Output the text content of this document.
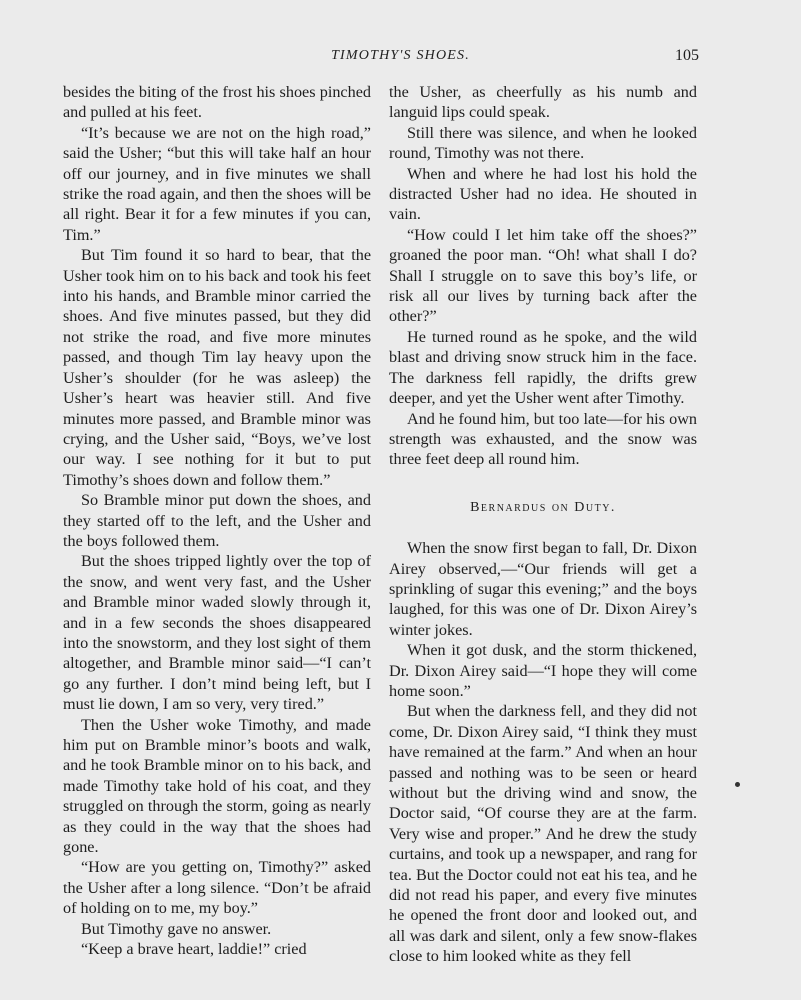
TIMOTHY'S SHOES.	105

besides the biting of the frost his shoes pinched and pulled at his feet.

“It’s because we are not on the high road,” said the Usher; “but this will take half an hour off our journey, and in five minutes we shall strike the road again, and then the shoes will be all right. Bear it for a few minutes if you can, Tim.”

But Tim found it so hard to bear, that the Usher took him on to his back and took his feet into his hands, and Bramble minor carried the shoes. And five minutes passed, but they did not strike the road, and five more minutes passed, and though Tim lay heavy upon the Usher’s shoulder (for he was asleep) the Usher’s heart was heavier still. And five minutes more passed, and Bramble minor was crying, and the Usher said, “Boys, we’ve lost our way. I see nothing for it but to put Timothy’s shoes down and follow them.”

So Bramble minor put down the shoes, and they started off to the left, and the Usher and the boys followed them.

But the shoes tripped lightly over the top of the snow, and went very fast, and the Usher and Bramble minor waded slowly through it, and in a few seconds the shoes disappeared into the snowstorm, and they lost sight of them altogether, and Bramble minor said—“I can’t go any further. I don’t mind being left, but I must lie down, I am so very, very tired.”

Then the Usher woke Timothy, and made him put on Bramble minor’s boots and walk, and he took Bramble minor on to his back, and made Timothy take hold of his coat, and they struggled on through the storm, going as nearly as they could in the way that the shoes had gone.

“How are you getting on, Timothy?” asked the Usher after a long silence. “Don’t be afraid of holding on to me, my boy.”

But Timothy gave no answer.

“Keep a brave heart, laddie!” cried

the Usher, as cheerfully as his numb and languid lips could speak.

Still there was silence, and when he looked round, Timothy was not there.

When and where he had lost his hold the distracted Usher had no idea. He shouted in vain.

“How could I let him take off the shoes?” groaned the poor man. “Oh! what shall I do? Shall I struggle on to save this boy’s life, or risk all our lives by turning back after the other?”

He turned round as he spoke, and the wild blast and driving snow struck him in the face. The darkness fell rapidly, the drifts grew deeper, and yet the Usher went after Timothy.

And he found him, but too late—for his own strength was exhausted, and the snow was three feet deep all round him.

Bernardus on Duty.

When the snow first began to fall, Dr. Dixon Airey observed,—“Our friends will get a sprinkling of sugar this evening;” and the boys laughed, for this was one of Dr. Dixon Airey’s winter jokes.

When it got dusk, and the storm thickened, Dr. Dixon Airey said—“I hope they will come home soon.”

But when the darkness fell, and they did not come, Dr. Dixon Airey said, “I think they must have remained at the farm.” And when an hour passed and nothing was to be seen or heard without but the driving wind and snow, the Doctor said, “Of course they are at the farm. Very wise and proper.” And he drew the study curtains, and took up a newspaper, and rang for tea. But the Doctor could not eat his tea, and he did not read his paper, and every five minutes he opened the front door and looked out, and all was dark and silent, only a few snow-flakes close to him looked white as they fell
